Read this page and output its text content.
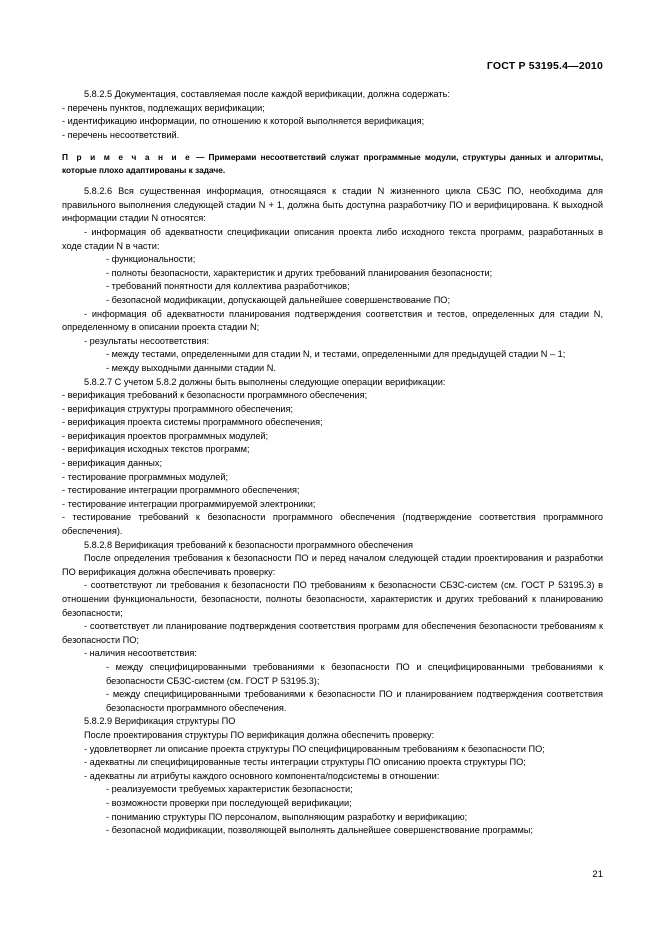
ГОСТ Р 53195.4—2010

5.8.2.5 Документация, составляемая после каждой верификации, должна содержать:

- перечень пунктов, подлежащих верификации;

- идентификацию информации, по отношению к которой выполняется верификация;

- перечень несоответствий.

П р и м е ч а н и е — Примерами несоответствий служат программные модули, структуры данных и алгоритмы, которые плохо адаптированы к задаче.

5.8.2.6 Вся существенная информация, относящаяся к стадии N жизненного цикла СБЗС ПО, необходима для правильного выполнения следующей стадии N + 1, должна быть доступна разработчику ПО и верифицирована. К выходной информации стадии N относятся:

- информация об адекватности спецификации описания проекта либо исходного текста программ, разработанных в ходе стадии N в части:

- функциональности;

- полноты безопасности, характеристик и других требований планирования безопасности;

- требований понятности для коллектива разработчиков;

- безопасной модификации, допускающей дальнейшее совершенствование ПО;

- информация об адекватности планирования подтверждения соответствия и тестов, определенных для стадии N, определенному в описании проекта стадии N;

- результаты несоответствия:

- между тестами, определенными для стадии N, и тестами, определенными для предыдущей стадии N – 1;

- между выходными данными стадии N.

5.8.2.7 С учетом 5.8.2 должны быть выполнены следующие операции верификации:

- верификация требований к безопасности программного обеспечения;

- верификация структуры программного обеспечения;

- верификация проекта системы программного обеспечения;

- верификация проектов программных модулей;

- верификация исходных текстов программ;

- верификация данных;

- тестирование программных модулей;

- тестирование интеграции программного обеспечения;

- тестирование интеграции программируемой электроники;

- тестирование требований к безопасности программного обеспечения (подтверждение соответствия программного обеспечения).

5.8.2.8 Верификация требований к безопасности программного обеспечения

После определения требования к безопасности ПО и перед началом следующей стадии проектирования и разработки ПО верификация должна обеспечивать проверку:

- соответствуют ли требования к безопасности ПО требованиям к безопасности СБЗС-систем (см. ГОСТ Р 53195.3) в отношении функциональности, безопасности, полноты безопасности, характеристик и других требований к планированию безопасности;

- соответствует ли планирование подтверждения соответствия программ для обеспечения безопасности требованиям к безопасности ПО;

- наличия несоответствия:

- между специфицированными требованиями к безопасности ПО и специфицированными требованиями к безопасности СБЗС-систем (см. ГОСТ Р 53195.3);

- между специфицированными требованиями к безопасности ПО и планированием подтверждения соответствия безопасности программного обеспечения.

5.8.2.9 Верификация структуры ПО

После проектирования структуры ПО верификация должна обеспечить проверку:

- удовлетворяет ли описание проекта структуры ПО специфицированным требованиям к безопасности ПО;

- адекватны ли специфицированные тесты интеграции структуры ПО описанию проекта структуры ПО;

- адекватны ли атрибуты каждого основного компонента/подсистемы в отношении:

- реализуемости требуемых характеристик безопасности;

- возможности проверки при последующей верификации;

- пониманию структуры ПО персоналом, выполняющим разработку и верификацию;

- безопасной модификации, позволяющей выполнять дальнейшее совершенствование программы;

21
